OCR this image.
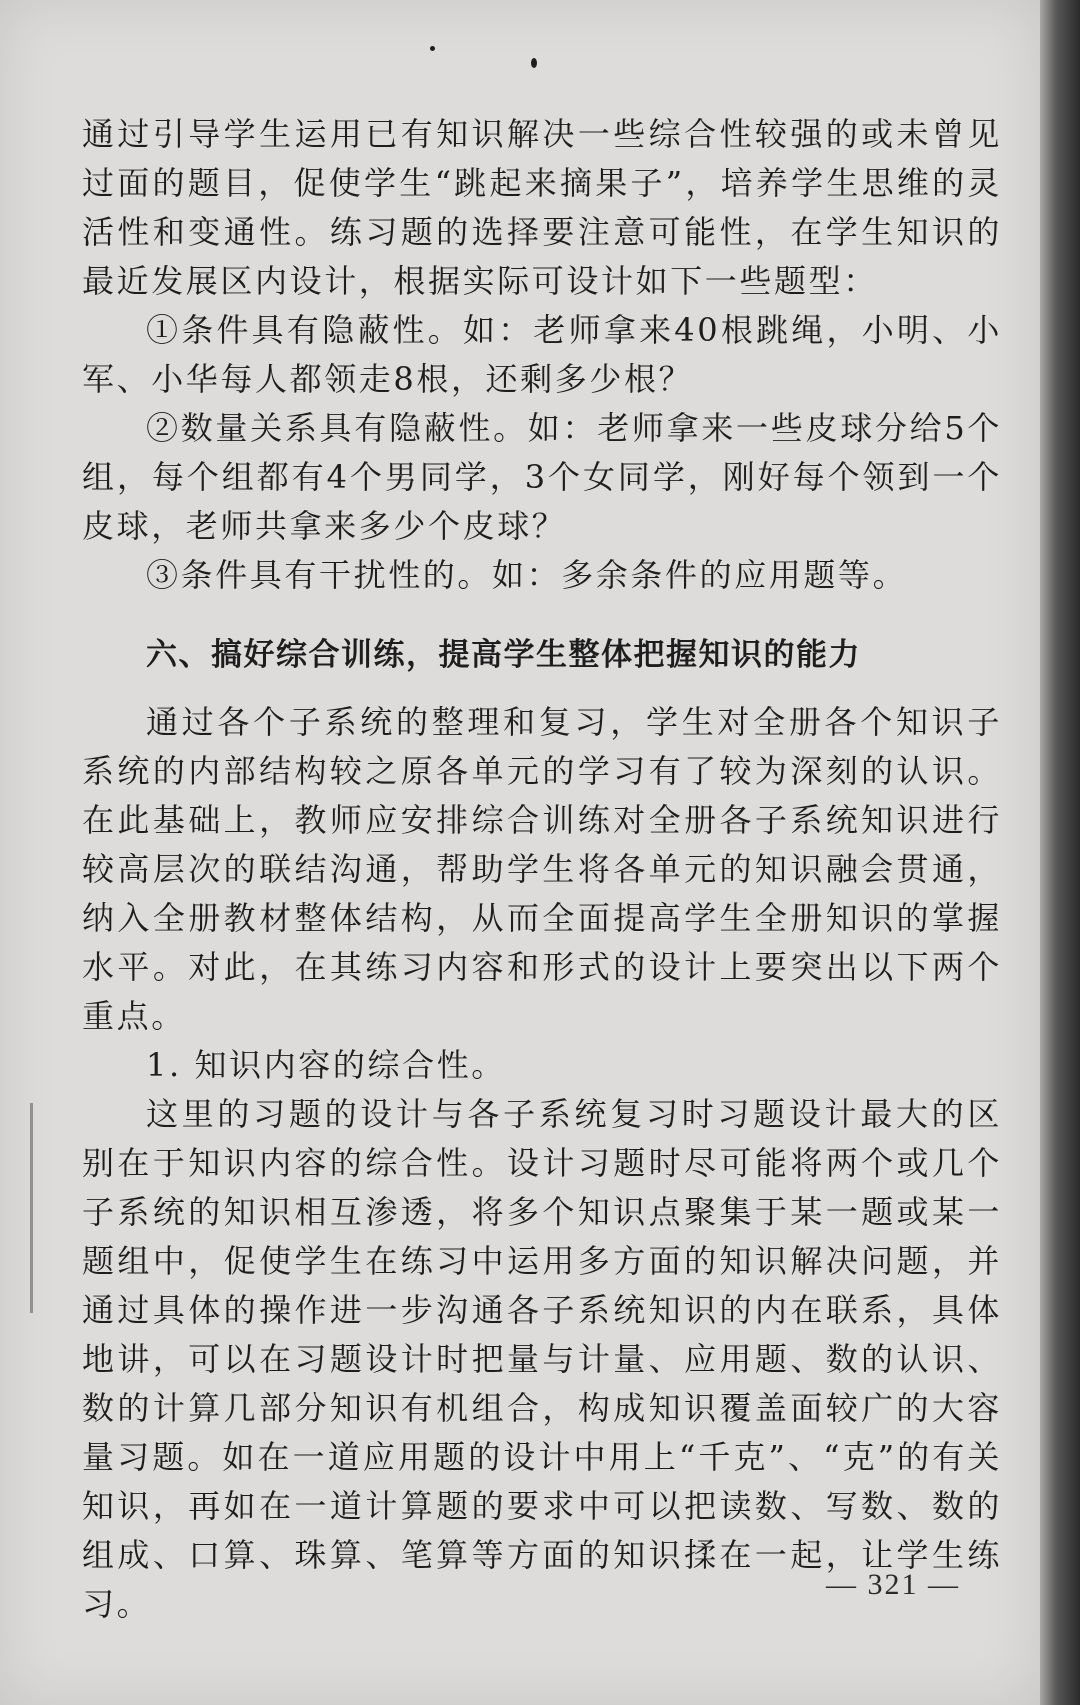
通过引导学生运用已有知识解决一些综合性较强的或未曾见过面的题目，促使学生“跳起来摘果子”，培养学生思维的灵活性和变通性。练习题的选择要注意可能性，在学生知识的最近发展区内设计，根据实际可设计如下一些题型：

①条件具有隐蔽性。如：老师拿来40根跳绳，小明、小军、小华每人都领走8根，还剩多少根？

②数量关系具有隐蔽性。如：老师拿来一些皮球分给5个组，每个组都有4个男同学，3个女同学，刚好每个领到一个皮球，老师共拿来多少个皮球？

③条件具有干扰性的。如：多余条件的应用题等。

六、搞好综合训练，提高学生整体把握知识的能力

通过各个子系统的整理和复习，学生对全册各个知识子系统的内部结构较之原各单元的学习有了较为深刻的认识。在此基础上，教师应安排综合训练对全册各子系统知识进行较高层次的联结沟通，帮助学生将各单元的知识融会贯通，纳入全册教材整体结构，从而全面提高学生全册知识的掌握水平。对此，在其练习内容和形式的设计上要突出以下两个重点。

1. 知识内容的综合性。

这里的习题的设计与各子系统复习时习题设计最大的区别在于知识内容的综合性。设计习题时尽可能将两个或几个子系统的知识相互渗透，将多个知识点聚集于某一题或某一题组中，促使学生在练习中运用多方面的知识解决问题，并通过具体的操作进一步沟通各子系统知识的内在联系，具体地讲，可以在习题设计时把量与计量、应用题、数的认识、数的计算几部分知识有机组合，构成知识覆盖面较广的大容量习题。如在一道应用题的设计中用上“千克”、“克”的有关知识，再如在一道计算题的要求中可以把读数、写数、数的组成、口算、珠算、笔算等方面的知识揉在一起，让学生练习。

— 321 —
